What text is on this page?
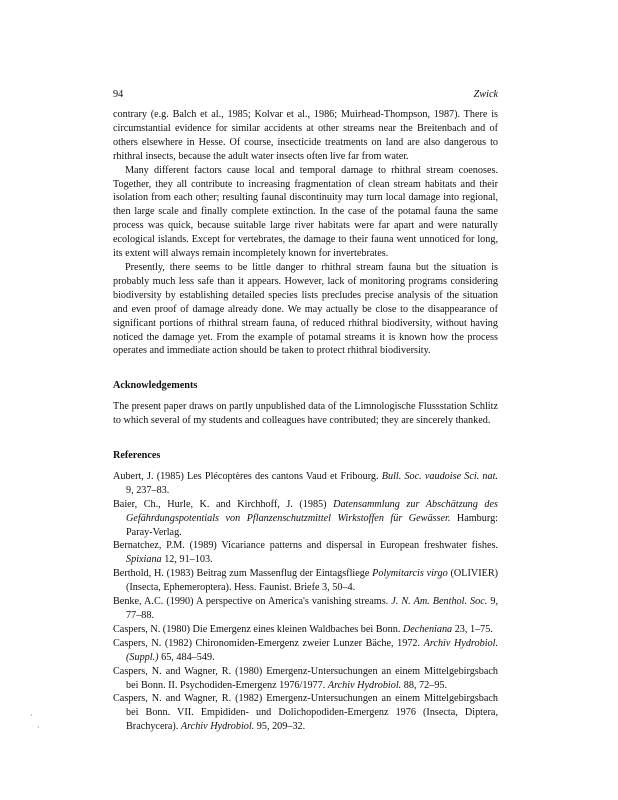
94	Zwick

contrary (e.g. Balch et al., 1985; Kolvar et al., 1986; Muirhead-Thompson, 1987). There is circumstantial evidence for similar accidents at other streams near the Breitenbach and of others elsewhere in Hesse. Of course, insecticide treatments on land are also dangerous to rhithral insects, because the adult water insects often live far from water.

Many different factors cause local and temporal damage to rhithral stream coenoses. Together, they all contribute to increasing fragmentation of clean stream habitats and their isolation from each other; resulting faunal discontinuity may turn local damage into regional, then large scale and finally complete extinction. In the case of the potamal fauna the same process was quick, because suitable large river habitats were far apart and were naturally ecological islands. Except for vertebrates, the damage to their fauna went unnoticed for long, its extent will always remain incompletely known for invertebrates.

Presently, there seems to be little danger to rhithral stream fauna but the situation is probably much less safe than it appears. However, lack of monitoring programs considering biodiversity by establishing detailed species lists precludes precise analysis of the situation and even proof of damage already done. We may actually be close to the disappearance of significant portions of rhithral stream fauna, of reduced rhithral biodiversity, without having noticed the damage yet. From the example of potamal streams it is known how the process operates and immediate action should be taken to protect rhithral biodiversity.

Acknowledgements

The present paper draws on partly unpublished data of the Limnologische Flussstation Schlitz to which several of my students and colleagues have contributed; they are sincerely thanked.

References

Aubert, J. (1985) Les Plécoptères des cantons Vaud et Fribourg. Bull. Soc. vaudoise Sci. nat. 9, 237–83.

Baier, Ch., Hurle, K. and Kirchhoff, J. (1985) Datensammlung zur Abschätzung des Gefährdungspotentials von Pflanzenschutzmittel Wirkstoffen für Gewässer. Hamburg: Paray-Verlag.

Bernatchez, P.M. (1989) Vicariance patterns and dispersal in European freshwater fishes. Spixiana 12, 91–103.

Berthold, H. (1983) Beitrag zum Massenflug der Eintagsfliege Polymitarcis virgo (OLIVIER) (Insecta, Ephemeroptera). Hess. Faunist. Briefe 3, 50–4.

Benke, A.C. (1990) A perspective on America's vanishing streams. J. N. Am. Benthol. Soc. 9, 77–88.

Caspers, N. (1980) Die Emergenz eines kleinen Waldbaches bei Bonn. Decheniana 23, 1–75.

Caspers, N. (1982) Chironomiden-Emergenz zweier Lunzer Bäche, 1972. Archiv Hydrobiol. (Suppl.) 65, 484–549.

Caspers, N. and Wagner, R. (1980) Emergenz-Untersuchungen an einem Mittelgebirgsbach bei Bonn. II. Psychodiden-Emergenz 1976/1977. Archiv Hydrobiol. 88, 72–95.

Caspers, N. and Wagner, R. (1982) Emergenz-Untersuchungen an einem Mittelgebirgsbach bei Bonn. VII. Empididen- und Dolichopodiden-Emergenz 1976 (Insecta, Diptera, Brachycera). Archiv Hydrobiol. 95, 209–32.

·
·
